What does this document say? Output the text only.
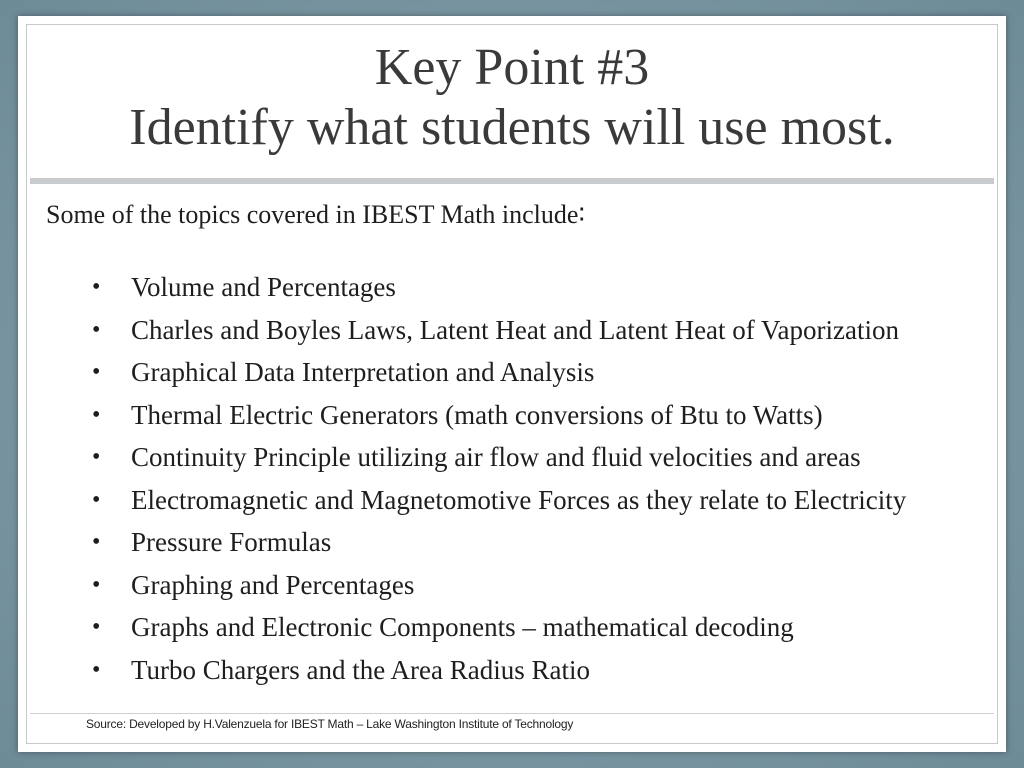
Key Point #3
Identify what students will use most.
Some of the topics covered in IBEST Math include∶
• Volume and Percentages
• Charles and Boyles Laws, Latent Heat and Latent Heat of Vaporization
• Graphical Data Interpretation and Analysis
• Thermal Electric Generators (math conversions of Btu to Watts)
• Continuity Principle utilizing air flow and fluid velocities and areas
• Electromagnetic and Magnetomotive Forces as they relate to Electricity
• Pressure Formulas
• Graphing and Percentages
• Graphs and Electronic Components – mathematical decoding
• Turbo Chargers and the Area Radius Ratio
Source: Developed by H.Valenzuela for IBEST Math – Lake Washington Institute of Technology
